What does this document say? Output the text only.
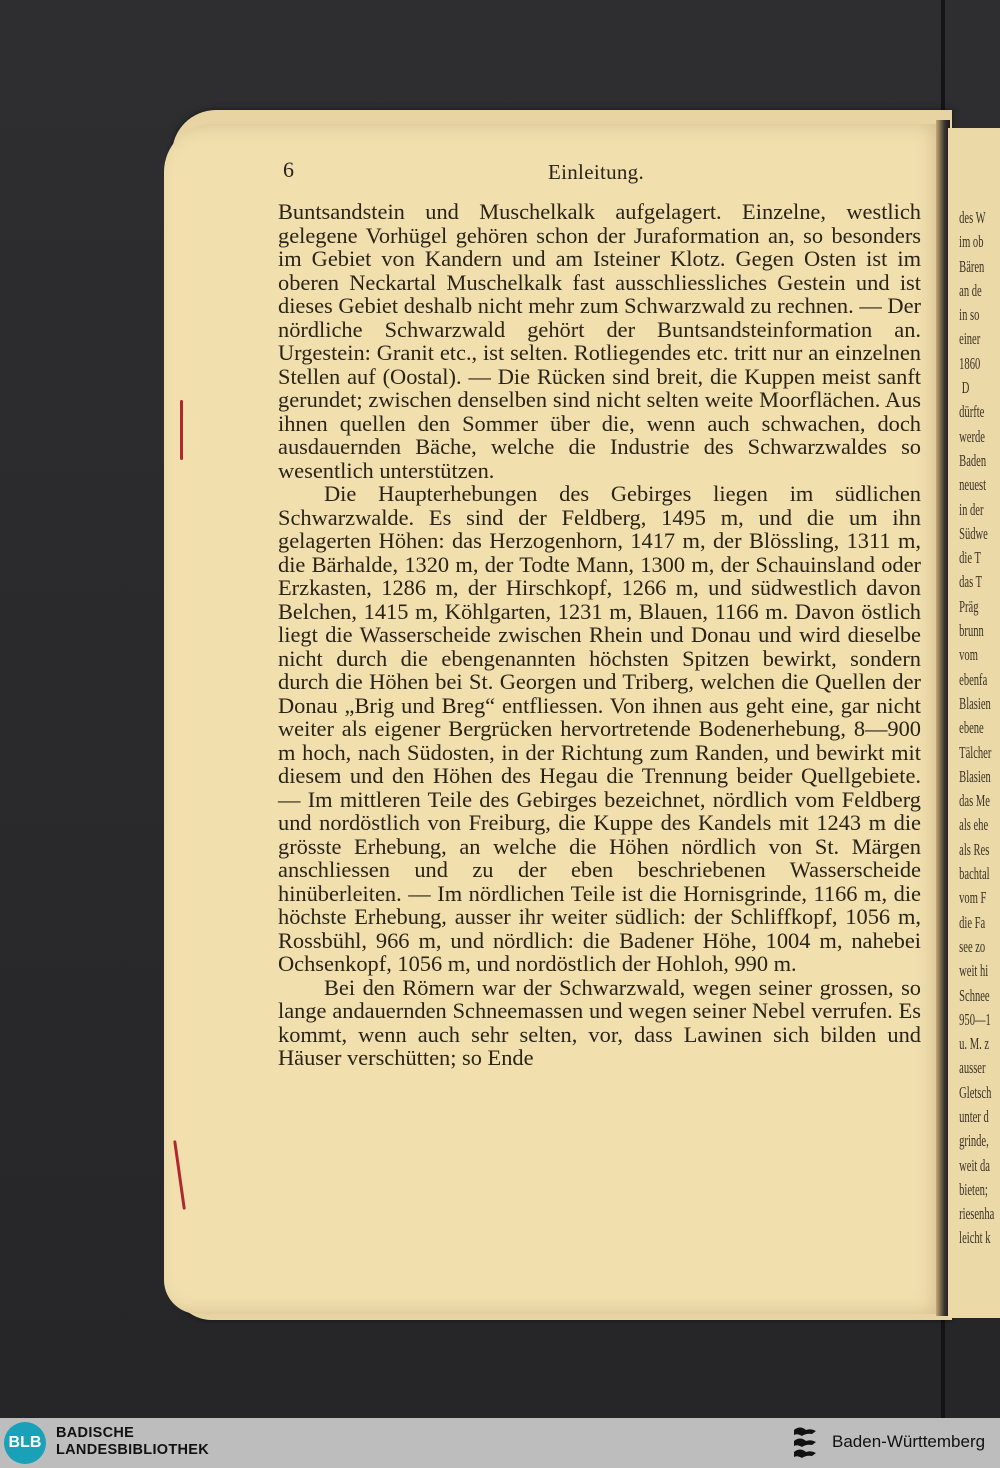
des W
im ob
Bären
an de
in so
einer
1860
D
dürfte
werde
Baden
neuest
in der
Südwe
die T
das T
Präg
brunn
vom
ebenfa
Blasien
ebene
Tälcher
Blasien
das Me
als ehe
als Res
bachtal
vom F
die Fa
see zo
weit hi
Schnee
950—1
u. M. z
ausser
Gletsch
unter d
grinde,
weit da
bieten;
riesenha
leicht k
6	Einleitung.

Buntsandstein und Muschelkalk aufgelagert. Einzelne, westlich gelegene Vorhügel gehören schon der Juraformation an, so besonders im Gebiet von Kandern und am Isteiner Klotz. Gegen Osten ist im oberen Neckartal Muschelkalk fast ausschliessliches Gestein und ist dieses Gebiet deshalb nicht mehr zum Schwarzwald zu rechnen. — Der nördliche Schwarzwald gehört der Buntsandsteinformation an. Urgestein: Granit etc., ist selten. Rotliegendes etc. tritt nur an einzelnen Stellen auf (Oostal). — Die Rücken sind breit, die Kuppen meist sanft gerundet; zwischen denselben sind nicht selten weite Moorflächen. Aus ihnen quellen den Sommer über die, wenn auch schwachen, doch ausdauernden Bäche, welche die Industrie des Schwarzwaldes so wesentlich unterstützen.

Die Haupterhebungen des Gebirges liegen im südlichen Schwarzwalde. Es sind der Feldberg, 1495 m, und die um ihn gelagerten Höhen: das Herzogenhorn, 1417 m, der Blössling, 1311 m, die Bärhalde, 1320 m, der Todte Mann, 1300 m, der Schauinsland oder Erzkasten, 1286 m, der Hirschkopf, 1266 m, und südwestlich davon Belchen, 1415 m, Köhlgarten, 1231 m, Blauen, 1166 m. Davon östlich liegt die Wasserscheide zwischen Rhein und Donau und wird dieselbe nicht durch die ebengenannten höchsten Spitzen bewirkt, sondern durch die Höhen bei St. Georgen und Triberg, welchen die Quellen der Donau „Brig und Breg“ entfliessen. Von ihnen aus geht eine, gar nicht weiter als eigener Bergrücken hervortretende Bodenerhebung, 8—900 m hoch, nach Südosten, in der Richtung zum Randen, und bewirkt mit diesem und den Höhen des Hegau die Trennung beider Quellgebiete. — Im mittleren Teile des Gebirges bezeichnet, nördlich vom Feldberg und nordöstlich von Freiburg, die Kuppe des Kandels mit 1243 m die grösste Erhebung, an welche die Höhen nördlich von St. Märgen anschliessen und zu der eben beschriebenen Wasserscheide hinüberleiten. — Im nördlichen Teile ist die Hornisgrinde, 1166 m, die höchste Erhebung, ausser ihr weiter südlich: der Schliffkopf, 1056 m, Rossbühl, 966 m, und nördlich: die Badener Höhe, 1004 m, nahebei Ochsenkopf, 1056 m, und nordöstlich der Hohloh, 990 m.

Bei den Römern war der Schwarzwald, wegen seiner grossen, so lange andauernden Schneemassen und wegen seiner Nebel verrufen. Es kommt, wenn auch sehr selten, vor, dass Lawinen sich bilden und Häuser verschütten; so Ende

BLB
BADISCHE
LANDESBIBLIOTHEK	Baden-Württemberg
